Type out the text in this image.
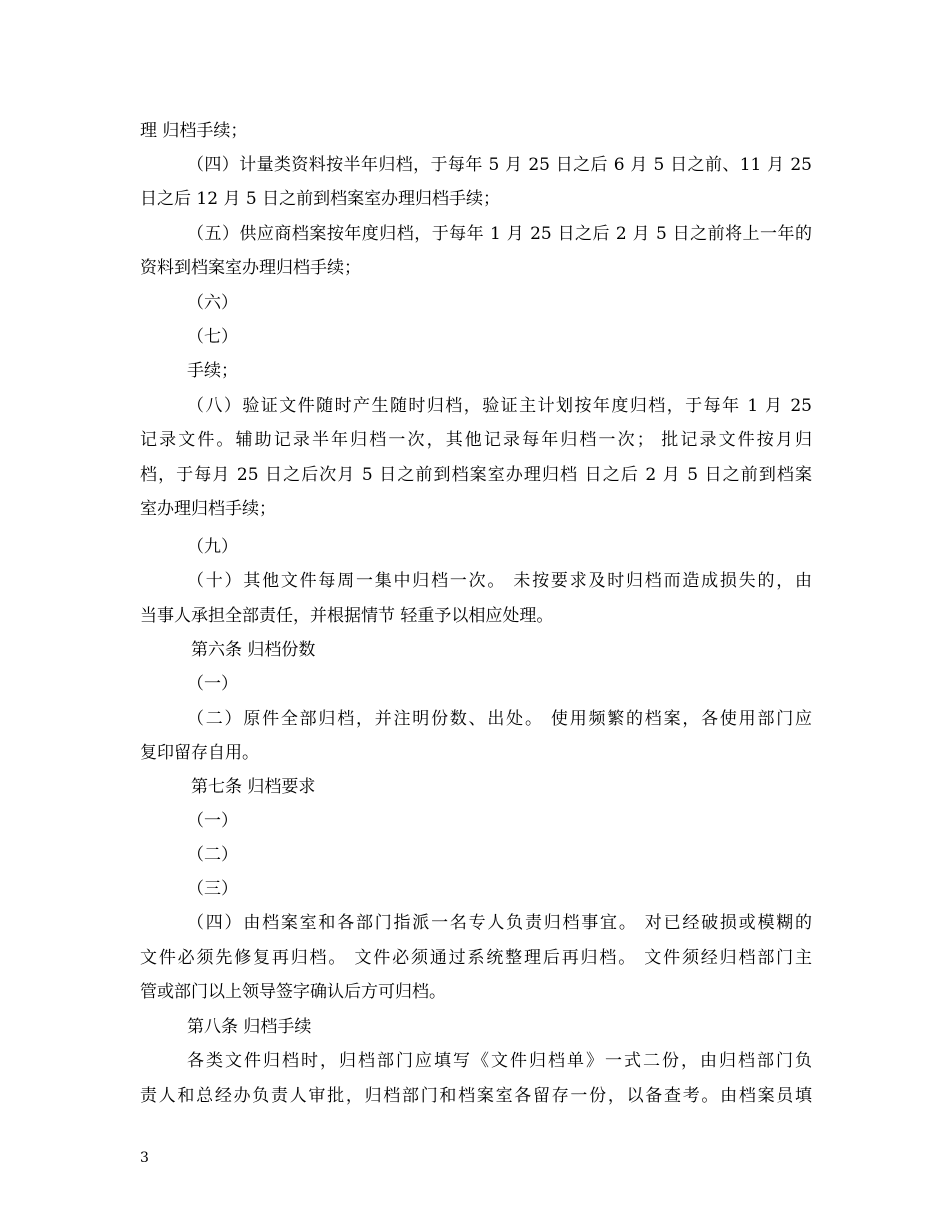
理 归档手续；
（四）计量类资料按半年归档，于每年 5 月 25 日之后 6 月 5 日之前、11 月 25
日之后 12 月 5 日之前到档案室办理归档手续；
（五）供应商档案按年度归档，于每年 1 月 25 日之后 2 月 5 日之前将上一年的
资料到档案室办理归档手续；
（六）
（七）
手续；
（八）验证文件随时产生随时归档，验证主计划按年度归档，于每年 1 月 25
记录文件。辅助记录半年归档一次，其他记录每年归档一次； 批记录文件按月归
档，于每月 25 日之后次月 5 日之前到档案室办理归档 日之后 2 月 5 日之前到档案
室办理归档手续；
（九）
（十）其他文件每周一集中归档一次。 未按要求及时归档而造成损失的，由
当事人承担全部责任，并根据情节 轻重予以相应处理。
第六条 归档份数
（一）
（二）原件全部归档，并注明份数、出处。 使用频繁的档案，各使用部门应
复印留存自用。
第七条 归档要求
（一）
（二）
（三）
（四）由档案室和各部门指派一名专人负责归档事宜。 对已经破损或模糊的
文件必须先修复再归档。 文件必须通过系统整理后再归档。 文件须经归档部门主
管或部门以上领导签字确认后方可归档。
第八条 归档手续
各类文件归档时，归档部门应填写《文件归档单》一式二份，由归档部门负
责人和总经办负责人审批，归档部门和档案室各留存一份，以备查考。由档案员填
3
